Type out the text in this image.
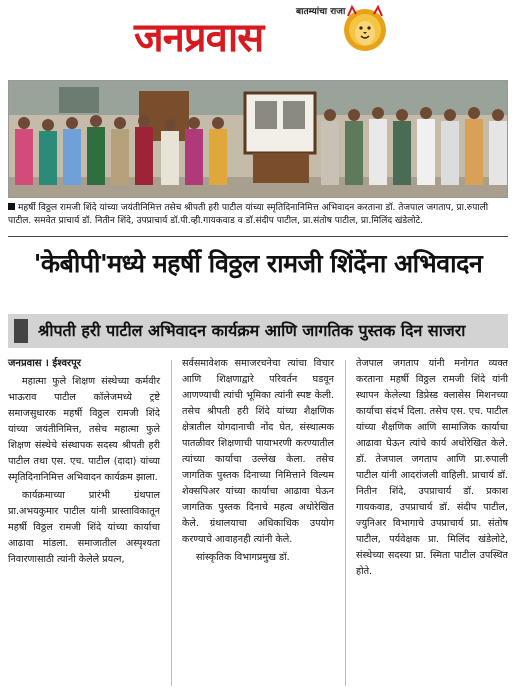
बातम्यांचा राजा
जनप्रवास
महर्षी विठ्ठल रामजी शिंदे यांच्या जयंतीनिमित्त तसेच श्रीपती हरी पाटील यांच्या स्मृतिदिनानिमित्त अभिवादन करताना डॉ. तेजपाल जगताप, प्रा.रुपाली पाटील. समवेत प्राचार्य डॉ. नितीन शिंदे, उपप्राचार्य डॉ.पी.व्ही.गायकवाड व डॉ.संदीप पाटील, प्रा.संतोष पाटील, प्रा.मिलिंद खंडेलोटे.
'केबीपी'मध्ये महर्षी विठ्ठल रामजी शिंदेंना अभिवादन
श्रीपती हरी पाटील अभिवादन कार्यक्रम आणि जागतिक पुस्तक दिन साजरा

जनप्रवास । ईश्वरपूर

महात्मा फुले शिक्षण संस्थेच्या कर्मवीर भाऊराव पाटील कॉलेजमध्ये ट्रष्टे समाजसुधारक महर्षी विठ्ठल रामजी शिंदे यांच्या जयंतीनिमित्त, तसेच महात्मा फुले शिक्षण संस्थेचे संस्थापक सदस्य श्रीपती हरी पाटील तथा एस. एच. पाटील (दादा) यांच्या स्मृतिदिनानिमित्त अभिवादन कार्यक्रम झाला.

कार्यक्रमाच्या प्रारंभी ग्रंथपाल प्रा.अभयकुमार पाटील यांनी प्रास्ताविकातून महर्षी विठ्ठल रामजी शिंदे यांच्या कार्याचा आढावा मांडला. समाजातील अस्पृश्यता निवारणासाठी त्यांनी केलेले प्रयत्न,

सर्वसमावेशक समाजरचनेचा त्यांचा विचार आणि शिक्षणाद्वारे परिवर्तन घडवून आणण्याची त्यांची भूमिका त्यांनी स्पष्ट केली. तसेच श्रीपती हरी शिंदे यांच्या शैक्षणिक क्षेत्रातील योगदानाची नोंद घेत, संस्थात्मक पातळीवर शिक्षणाची पायाभरणी करण्यातील त्यांच्या कार्याचा उल्लेख केला. तसेच जागतिक पुस्तक दिनाच्या निमित्ताने विल्यम शेक्सपिअर यांच्या कार्याचा आढावा घेऊन जागतिक पुस्तक दिनाचे महत्व अधोरेखित केले. ग्रंथालयाचा अधिकाधिक उपयोग करण्याचे आवाहनही त्यांनी केले.

सांस्कृतिक विभागप्रमुख डॉ.

तेजपाल जगताप यांनी मनोगत व्यक्त करताना महर्षी विठ्ठल रामजी शिंदे यांनी स्थापन केलेल्या डिप्रेस्ड क्लासेस मिशनच्या कार्याचा संदर्भ दिला. तसेच एस. एच. पाटील यांच्या शैक्षणिक आणि सामाजिक कार्याचा आढावा घेऊन त्यांचे कार्य अधोरेखित केले. डॉ. तेजपाल जगताप आणि प्रा.रुपाली पाटील यांनी आदरांजली वाहिली. प्राचार्य डॉ. नितीन शिंदे, उपप्राचार्य डॉ. प्रकाश गायकवाड, उपप्राचार्य डॉ. संदीप पाटील, ज्युनिअर विभागाचे उपप्राचार्य प्रा. संतोष पाटील, पर्यवेक्षक प्रा. मिलिंद खंडेलोटे, संस्थेच्या सदस्या प्रा. स्मिता पाटील उपस्थित होते.
